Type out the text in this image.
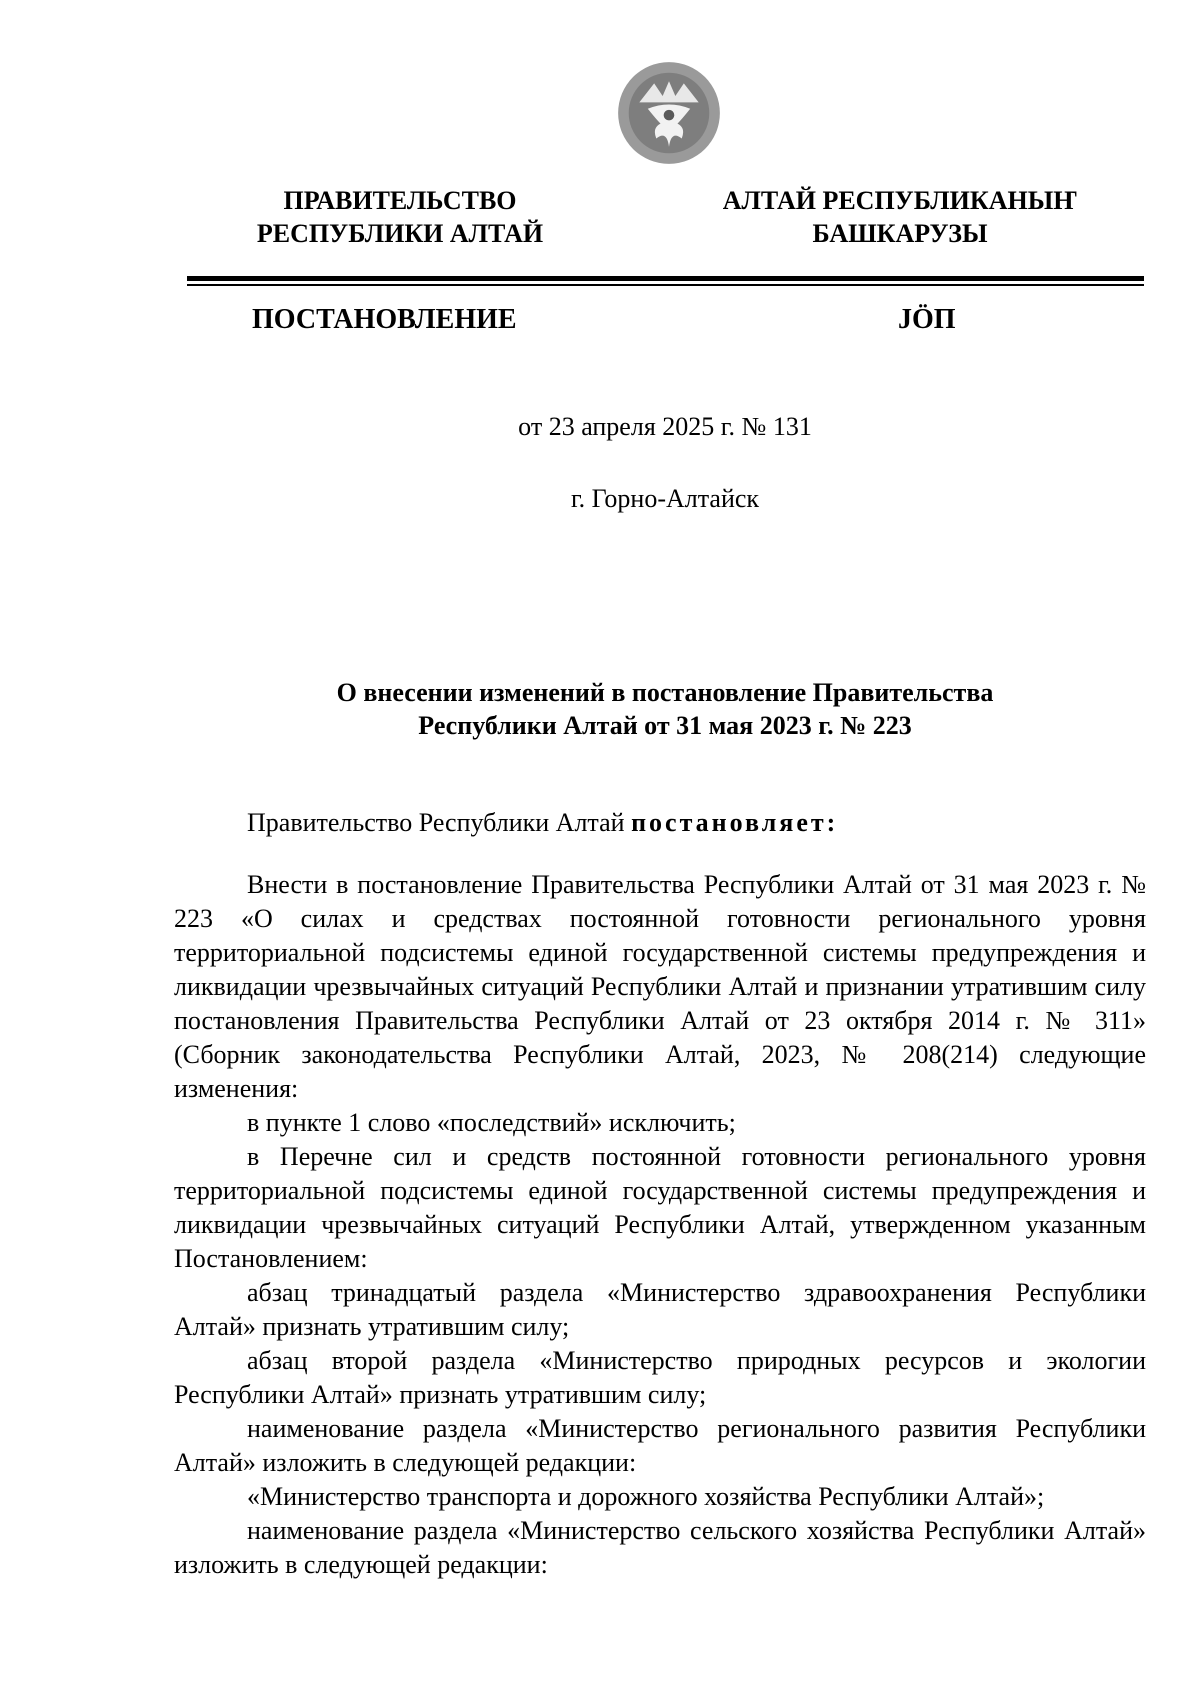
ПРАВИТЕЛЬСТВО
РЕСПУБЛИКИ АЛТАЙ
АЛТАЙ РЕСПУБЛИКАНЫҤ
БАШКАРУЗЫ
ПОСТАНОВЛЕНИЕ	JÖП
от 23 апреля 2025 г. № 131
г. Горно-Алтайск
О внесении изменений в постановление Правительства
Республики Алтай от 31 мая 2023 г. № 223
Правительство Республики Алтай постановляет:

Внести в постановление Правительства Республики Алтай от 31 мая 2023 г. № 223 «О силах и средствах постоянной готовности регионального уровня территориальной подсистемы единой государственной системы предупреждения и ликвидации чрезвычайных ситуаций Республики Алтай и признании утратившим силу постановления Правительства Республики Алтай от 23 октября 2014 г. № 311» (Сборник законодательства Республики Алтай, 2023, № 208(214) следующие изменения:

в пункте 1 слово «последствий» исключить;

в Перечне сил и средств постоянной готовности регионального уровня территориальной подсистемы единой государственной системы предупреждения и ликвидации чрезвычайных ситуаций Республики Алтай, утвержденном указанным Постановлением:

абзац тринадцатый раздела «Министерство здравоохранения Республики Алтай» признать утратившим силу;

абзац второй раздела «Министерство природных ресурсов и экологии Республики Алтай» признать утратившим силу;

наименование раздела «Министерство регионального развития Республики Алтай» изложить в следующей редакции:

«Министерство транспорта и дорожного хозяйства Республики Алтай»;

наименование раздела «Министерство сельского хозяйства Республики Алтай» изложить в следующей редакции:
